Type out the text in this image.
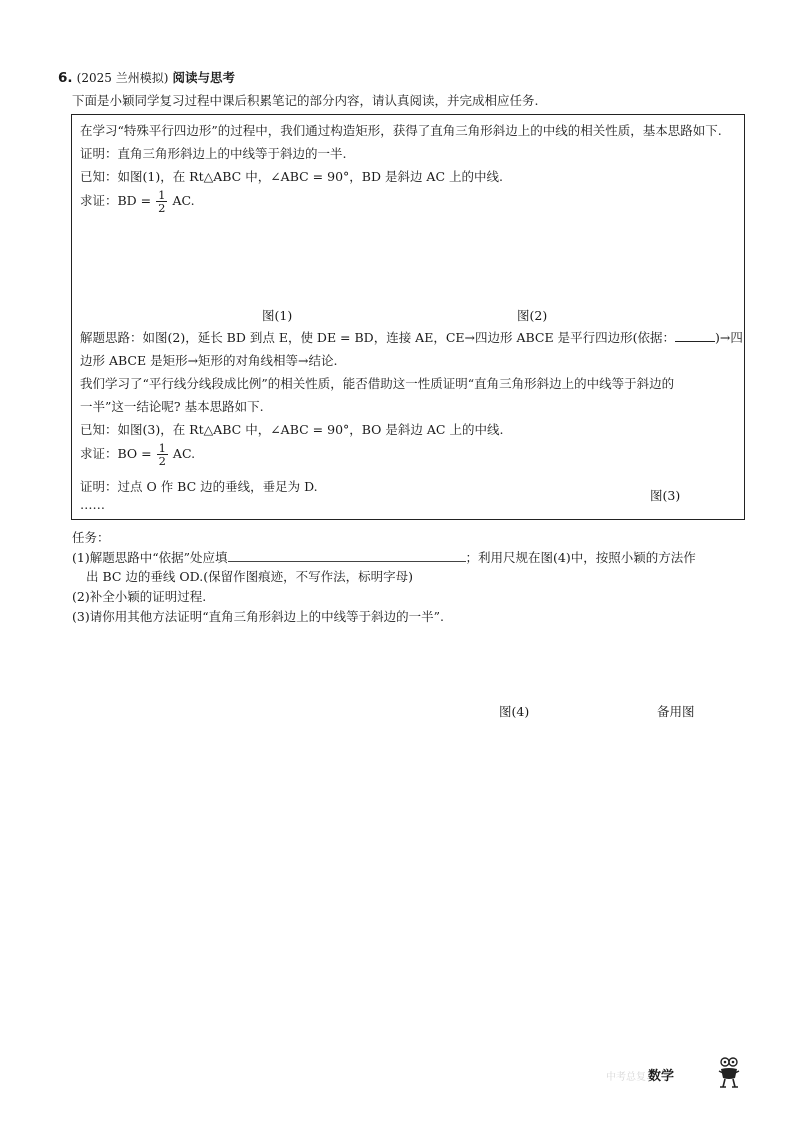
6. (2025 兰州模拟) 阅读与思考
下面是小颖同学复习过程中课后积累笔记的部分内容，请认真阅读，并完成相应任务.
在学习“特殊平行四边形”的过程中，我们通过构造矩形，获得了直角三角形斜边上的中线的相关性质，基本思路如下.
证明：直角三角形斜边上的中线等于斜边的一半.
已知：如图(1)，在 Rt△ABC 中，∠ABC = 90°，BD 是斜边 AC 上的中线.
求证：BD = $\frac{1}{2}$ AC.
图(1)	图(2)
解题思路：如图(2)，延长 BD 到点 E，使 DE = BD，连接 AE，CE→四边形 ABCE 是平行四边形(依据：	)→四
边形 ABCE 是矩形→矩形的对角线相等→结论.
我们学习了“平行线分线段成比例”的相关性质，能否借助这一性质证明“直角三角形斜边上的中线等于斜边的
一半”这一结论呢? 基本思路如下.
已知：如图(3)，在 Rt△ABC 中，∠ABC = 90°，BO 是斜边 AC 上的中线.
求证：BO = $\frac{1}{2}$ AC.
证明：过点 O 作 BC 边的垂线，垂足为 D.
……
图(3)
任务：
(1)解题思路中“依据”处应填	；利用尺规在图(4)中，按照小颖的方法作
出 BC 边的垂线 OD.(保留作图痕迹，不写作法，标明字母)
(2)补全小颖的证明过程.
(3)请你用其他方法证明“直角三角形斜边上的中线等于斜边的一半”.
图(4)	备用图
中考总复习
数学
